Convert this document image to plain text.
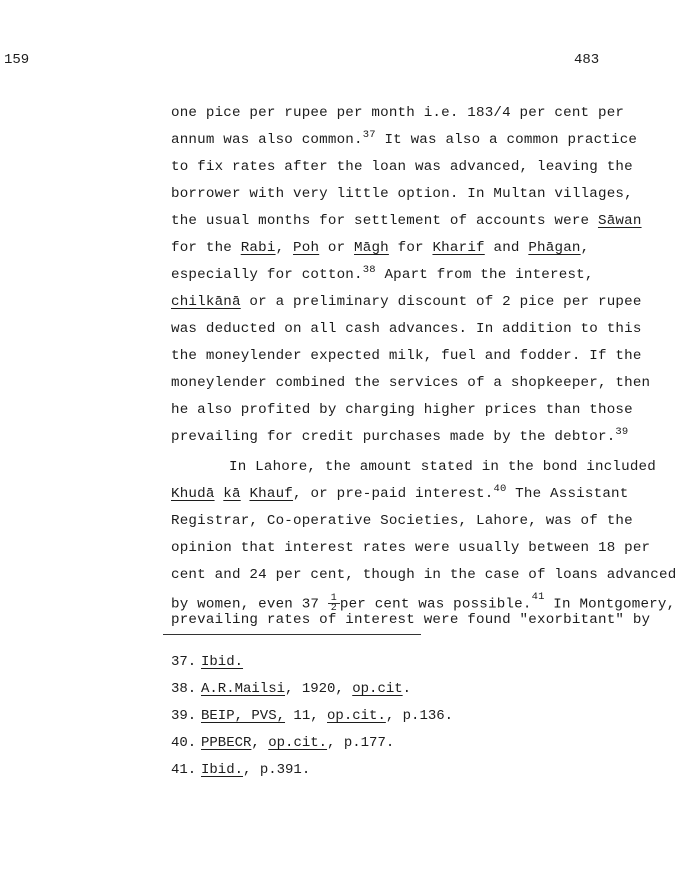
159	483
one pice per rupee per month i.e. 183/4 per cent per
annum was also common.$^{37}$ It was also a common practice
to fix rates after the loan was advanced, leaving the
borrower with very little option. In Multan villages,
the usual months for settlement of accounts were Sāwan
for the Rabi, Poh or Māgh for Kharif and Phāgan,
especially for cotton.$^{38}$ Apart from the interest,
chilkānā or a preliminary discount of 2 pice per rupee
was deducted on all cash advances. In addition to this
the moneylender expected milk, fuel and fodder. If the
moneylender combined the services of a shopkeeper, then
he also profited by charging higher prices than those
prevailing for credit purchases made by the debtor.$^{39}$
In Lahore, the amount stated in the bond included
Khudā kā Khauf, or pre-paid interest.$^{40}$ The Assistant
Registrar, Co-operative Societies, Lahore, was of the
opinion that interest rates were usually between 18 per
cent and 24 per cent, though in the case of loans advanced
by women, even $37 \frac{1}{2}$ per cent was possible.$^{41}$ In Montgomery,
prevailing rates of interest were found "exorbitant" by
37. Ibid.
38. A.R.Mailsi, 1920, op.cit.
39. BEIP, PVS, 11, op.cit., p.136.
40. PPBECR, op.cit., p.177.
41. Ibid., p.391.
